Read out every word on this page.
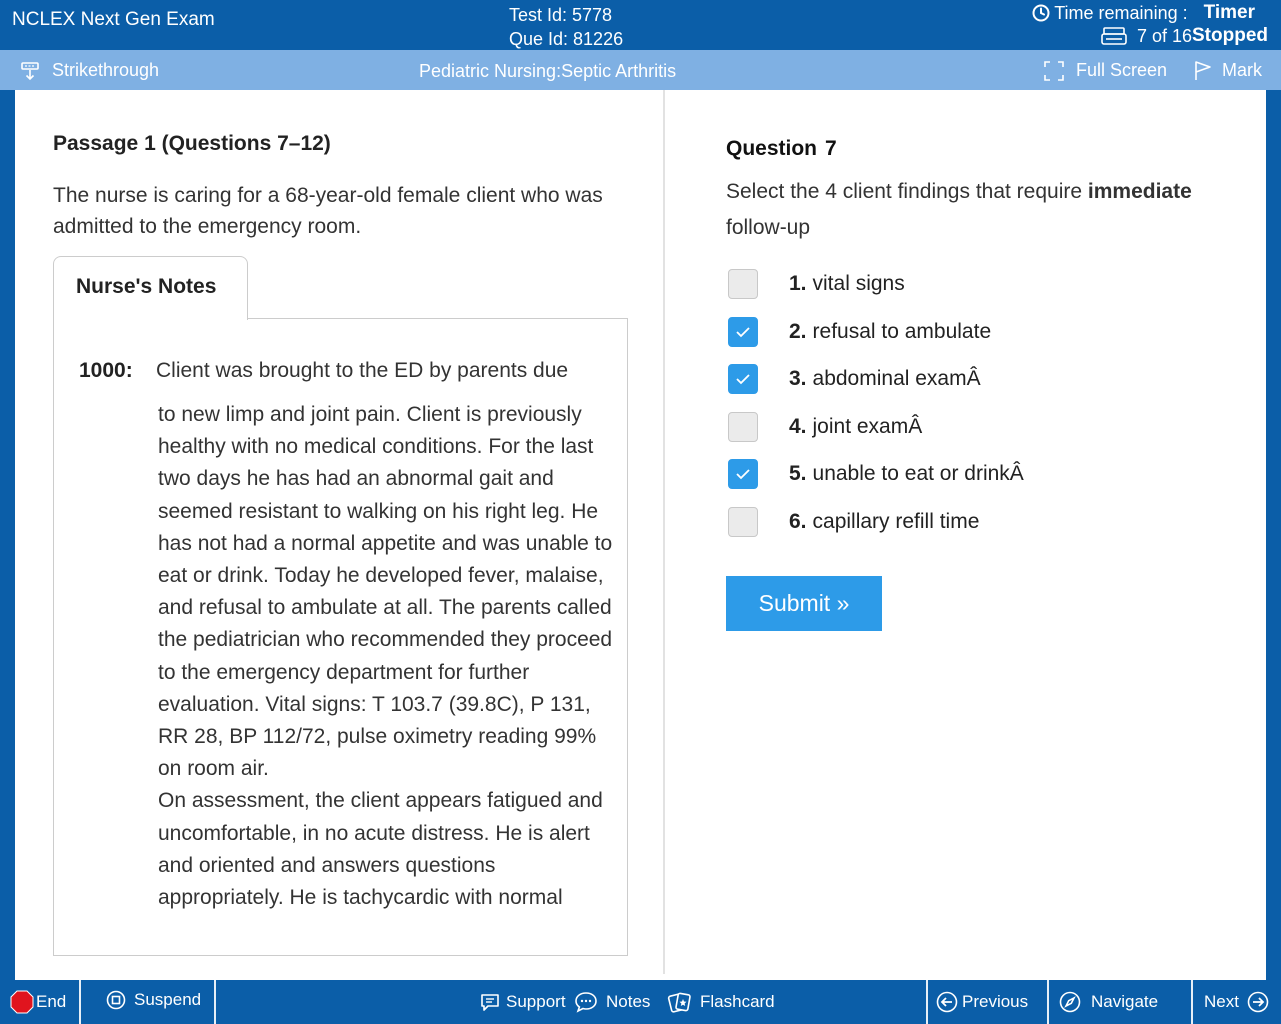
NCLEX Next Gen Exam	Test Id: 5778
Que Id: 81226
Time remaining : Timer
7 of 16 Stopped
Strikethrough	Pediatric Nursing:Septic Arthritis	Full Screen	Mark
Passage 1 (Questions 7–12)
The nurse is caring for a 68-year-old female client who was admitted to the emergency room.
Nurse's Notes
1000: Client was brought to the ED by parents due
to new limp and joint pain. Client is previously healthy with no medical conditions. For the last two days he has had an abnormal gait and seemed resistant to walking on his right leg. He has not had a normal appetite and was unable to eat or drink. Today he developed fever, malaise, and refusal to ambulate at all. The parents called the pediatrician who recommended they proceed to the emergency department for further evaluation. Vital signs: T 103.7 (39.8C), P 131, RR 28, BP 112/72, pulse oximetry reading 99% on room air.
On assessment, the client appears fatigued and uncomfortable, in no acute distress. He is alert and oriented and answers questions appropriately. He is tachycardic with normal
Question 7
Select the 4 client findings that require immediate follow-up
1. vital signs
2. refusal to ambulate
3. abdominal examÂ
4. joint examÂ
5. unable to eat or drinkÂ
6. capillary refill time
Submit »
End	Suspend	Support Notes	Flashcard	Previous	Navigate	Next
